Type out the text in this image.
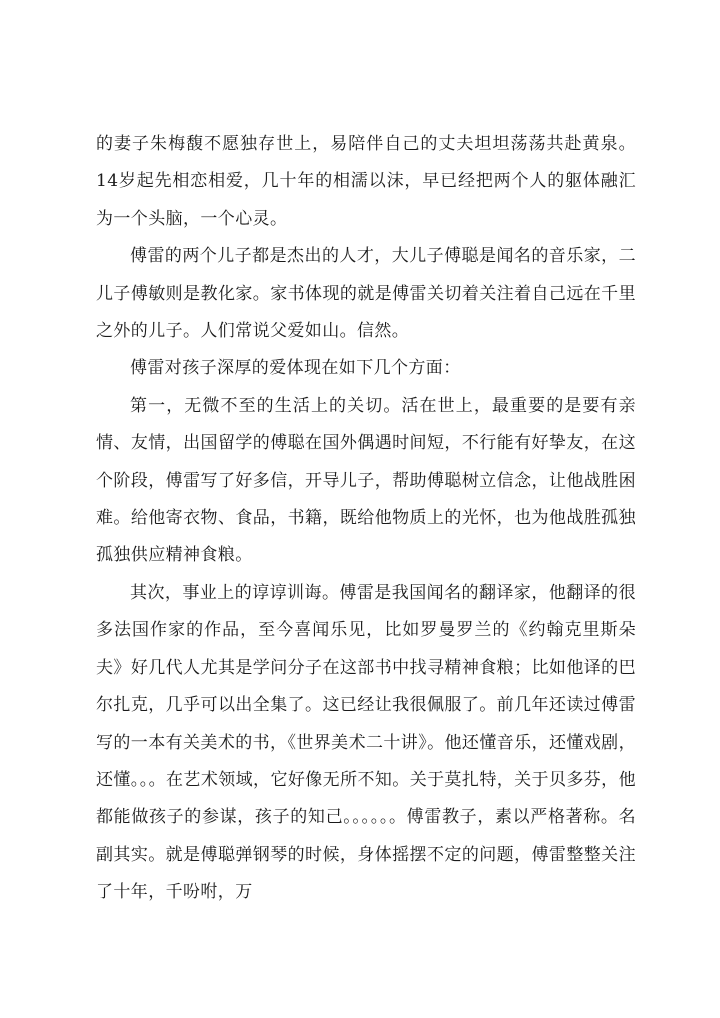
的妻子朱梅馥不愿独存世上，易陪伴自己的丈夫坦坦荡荡共赴黄泉。14岁起先相恋相爱，几十年的相濡以沫，早已经把两个人的躯体融汇为一个头脑，一个心灵。

傅雷的两个儿子都是杰出的人才，大儿子傅聪是闻名的音乐家，二儿子傅敏则是教化家。家书体现的就是傅雷关切着关注着自己远在千里之外的儿子。人们常说父爱如山。信然。

傅雷对孩子深厚的爱体现在如下几个方面：

第一，无微不至的生活上的关切。活在世上，最重要的是要有亲情、友情，出国留学的傅聪在国外偶遇时间短，不行能有好挚友，在这个阶段，傅雷写了好多信，开导儿子，帮助傅聪树立信念，让他战胜困难。给他寄衣物、食品，书籍，既给他物质上的光怀，也为他战胜孤独孤独供应精神食粮。

其次，事业上的谆谆训诲。傅雷是我国闻名的翻译家，他翻译的很多法国作家的作品，至今喜闻乐见，比如罗曼罗兰的《约翰克里斯朵夫》好几代人尤其是学问分子在这部书中找寻精神食粮；比如他译的巴尔扎克，几乎可以出全集了。这已经让我很佩服了。前几年还读过傅雷写的一本有关美术的书，《世界美术二十讲》。他还懂音乐，还懂戏剧，还懂。。。在艺术领域，它好像无所不知。关于莫扎特，关于贝多芬，他都能做孩子的参谋，孩子的知己。。。。。。傅雷教子，素以严格著称。名副其实。就是傅聪弹钢琴的时候，身体摇摆不定的问题，傅雷整整关注了十年，千吩咐，万
